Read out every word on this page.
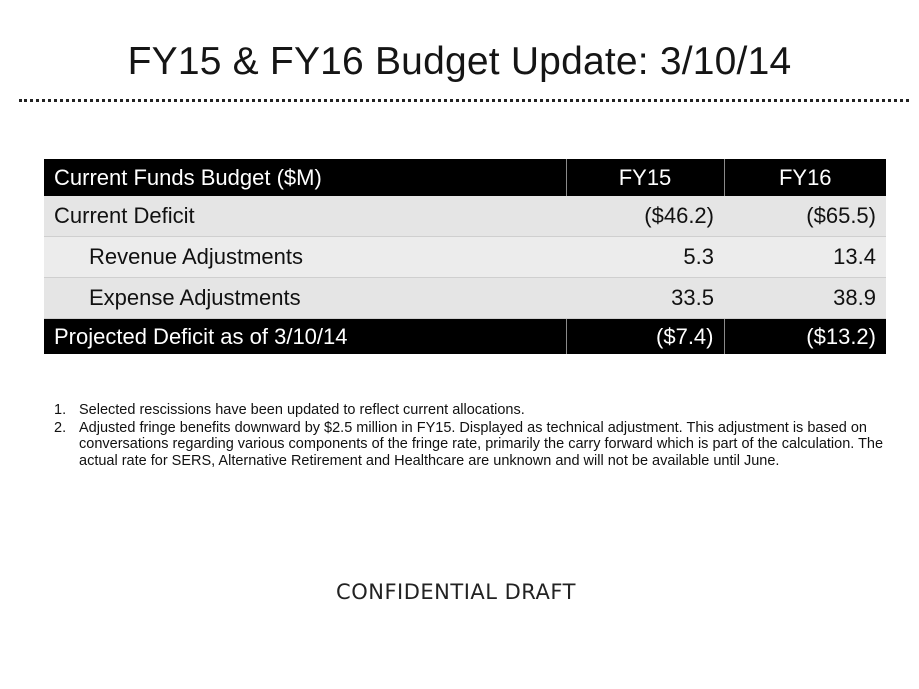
FY15 & FY16 Budget Update: 3/10/14
Current Funds Budget ($M)	FY15	FY16
Current Deficit	($46.2)	($65.5)
Revenue Adjustments	5.3	13.4
Expense Adjustments	33.5	38.9
Projected Deficit as of 3/10/14	($7.4)	($13.2)
1. Selected rescissions have been updated to reflect current allocations.
2. Adjusted fringe benefits downward by $2.5 million in FY15. Displayed as technical adjustment. This adjustment is based on conversations regarding various components of the fringe rate, primarily the carry forward which is part of the calculation. The actual rate for SERS, Alternative Retirement and Healthcare are unknown and will not be available until June.
CONFIDENTIAL DRAFT
